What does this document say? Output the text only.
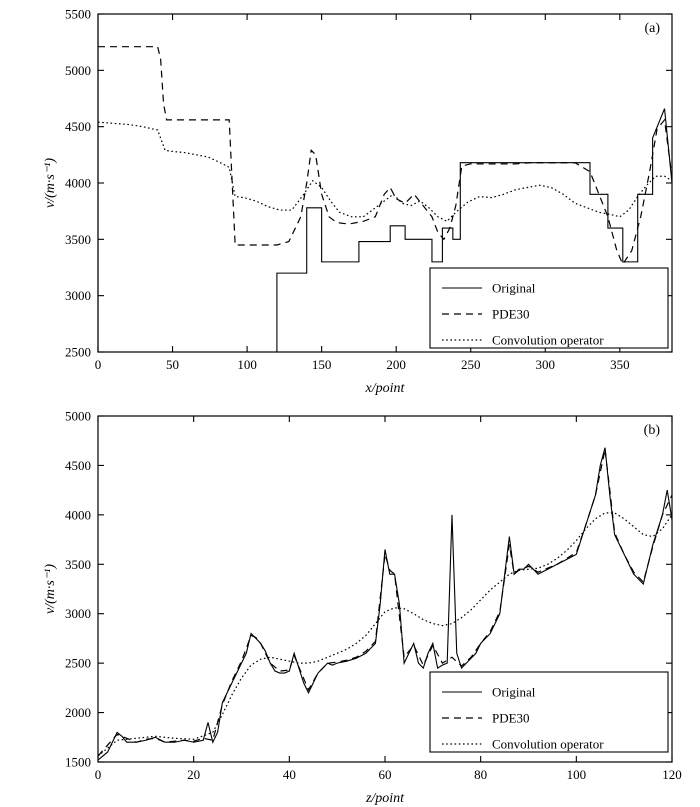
0	50	100	150	200	250	300	350
2500
3000
3500
4000
4500
5000
5500
x/point
v/(m·s⁻¹)
(a)
Original
PDE30
Convolution operator
0	20	40	60	80	100	120
1500
2000
2500
3000
3500
4000
4500
5000
z/point
v/(m·s⁻¹)
(b)
Original
PDE30
Convolution operator
